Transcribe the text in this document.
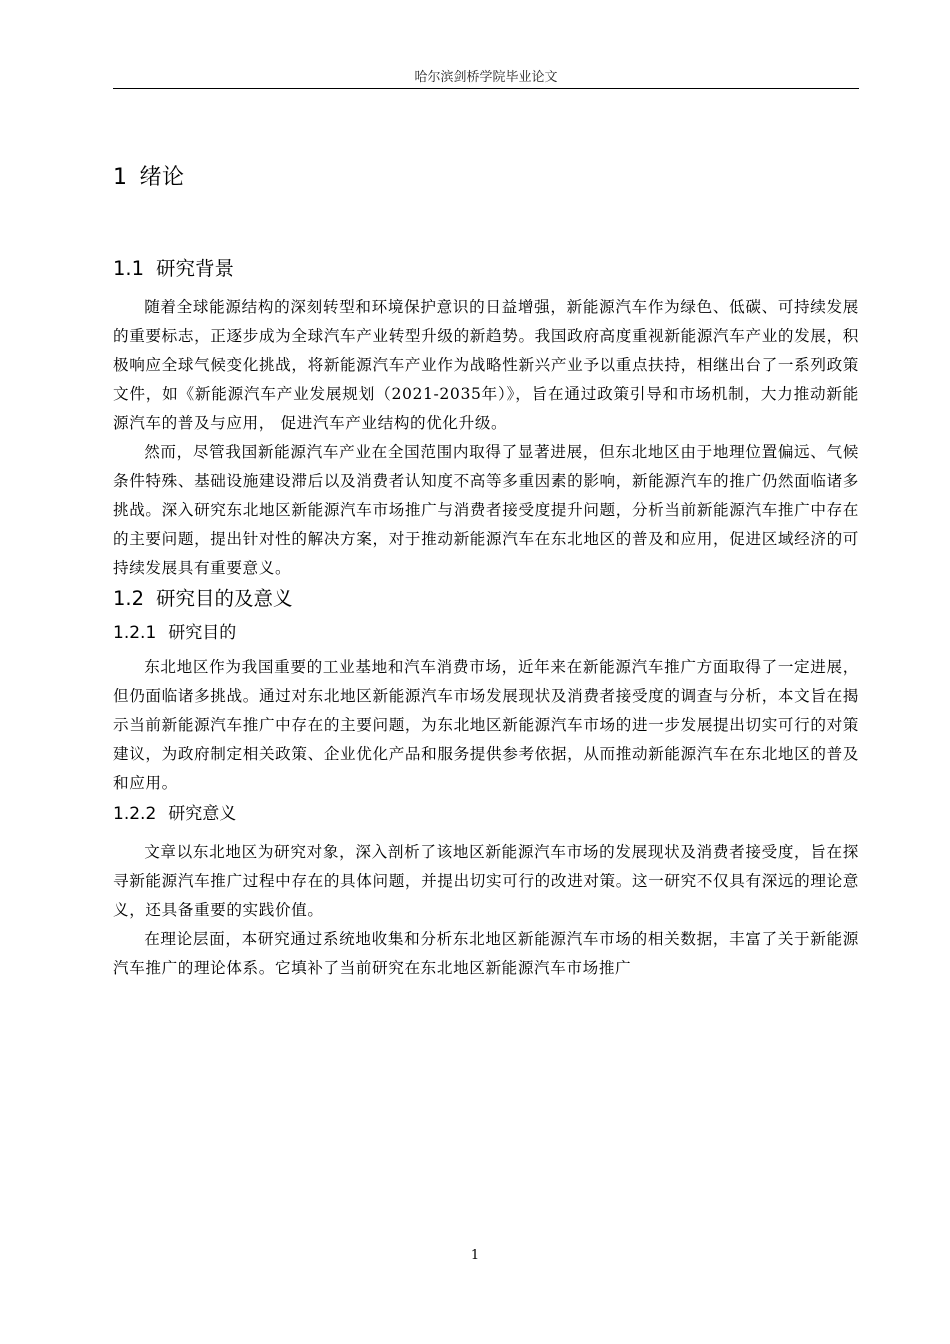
哈尔滨剑桥学院毕业论文
1 绪论
1.1 研究背景

随着全球能源结构的深刻转型和环境保护意识的日益增强，新能源汽车作为绿色、低碳、可持续发展的重要标志，正逐步成为全球汽车产业转型升级的新趋势。我国政府高度重视新能源汽车产业的发展，积极响应全球气候变化挑战，将新能源汽车产业作为战略性新兴产业予以重点扶持，相继出台了一系列政策文件，如《新能源汽车产业发展规划（2021-2035年）》，旨在通过政策引导和市场机制，大力推动新能源汽车的普及与应用， 促进汽车产业结构的优化升级。

然而，尽管我国新能源汽车产业在全国范围内取得了显著进展，但东北地区由于地理位置偏远、气候条件特殊、基础设施建设滞后以及消费者认知度不高等多重因素的影响，新能源汽车的推广仍然面临诸多挑战。深入研究东北地区新能源汽车市场推广与消费者接受度提升问题，分析当前新能源汽车推广中存在的主要问题，提出针对性的解决方案，对于推动新能源汽车在东北地区的普及和应用，促进区域经济的可持续发展具有重要意义。

1.2 研究目的及意义
1.2.1 研究目的

东北地区作为我国重要的工业基地和汽车消费市场，近年来在新能源汽车推广方面取得了一定进展，但仍面临诸多挑战。通过对东北地区新能源汽车市场发展现状及消费者接受度的调查与分析，本文旨在揭示当前新能源汽车推广中存在的主要问题，为东北地区新能源汽车市场的进一步发展提出切实可行的对策建议，为政府制定相关政策、企业优化产品和服务提供参考依据，从而推动新能源汽车在东北地区的普及和应用。

1.2.2 研究意义

文章以东北地区为研究对象，深入剖析了该地区新能源汽车市场的发展现状及消费者接受度，旨在探寻新能源汽车推广过程中存在的具体问题，并提出切实可行的改进对策。这一研究不仅具有深远的理论意义，还具备重要的实践价值。

在理论层面，本研究通过系统地收集和分析东北地区新能源汽车市场的相关数据，丰富了关于新能源汽车推广的理论体系。它填补了当前研究在东北地区新能源汽车市场推广

1
